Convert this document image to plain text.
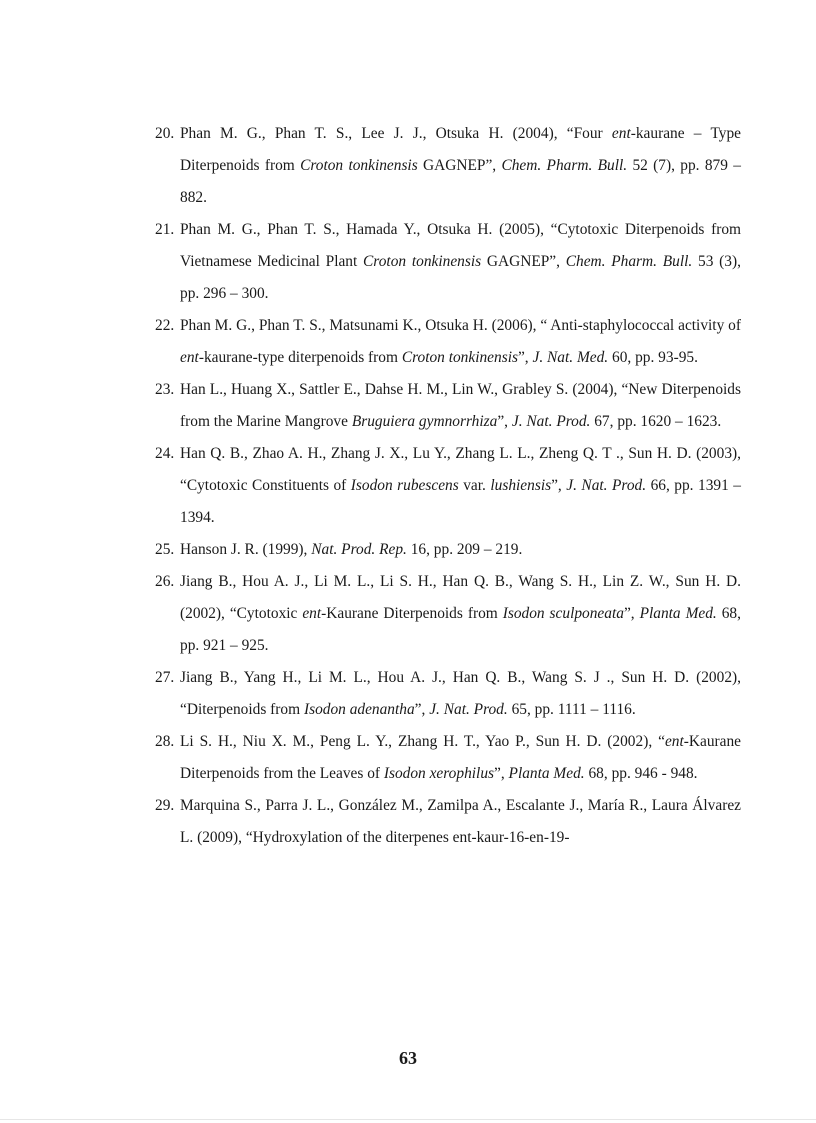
20. Phan M. G., Phan T. S., Lee J. J., Otsuka H. (2004), “Four ent-kaurane – Type Diterpenoids from Croton tonkinensis GAGNEP”, Chem. Pharm. Bull. 52 (7), pp. 879 – 882.
21. Phan M. G., Phan T. S., Hamada Y., Otsuka H. (2005), “Cytotoxic Diterpenoids from Vietnamese Medicinal Plant Croton tonkinensis GAGNEP”, Chem. Pharm. Bull. 53 (3), pp. 296 – 300.
22. Phan M. G., Phan T. S., Matsunami K., Otsuka H. (2006), “ Anti-staphylococcal activity of ent-kaurane-type diterpenoids from Croton tonkinensis”, J. Nat. Med. 60, pp. 93-95.
23. Han L., Huang X., Sattler E., Dahse H. M., Lin W., Grabley S. (2004), “New Diterpenoids from the Marine Mangrove Bruguiera gymnorrhiza”, J. Nat. Prod. 67, pp. 1620 – 1623.
24. Han Q. B., Zhao A. H., Zhang J. X., Lu Y., Zhang L. L., Zheng Q. T ., Sun H. D. (2003), “Cytotoxic Constituents of Isodon rubescens var. lushiensis”, J. Nat. Prod. 66, pp. 1391 – 1394.
25. Hanson J. R. (1999), Nat. Prod. Rep. 16, pp. 209 – 219.
26. Jiang B., Hou A. J., Li M. L., Li S. H., Han Q. B., Wang S. H., Lin Z. W., Sun H. D. (2002), “Cytotoxic ent-Kaurane Diterpenoids from Isodon sculponeata”, Planta Med. 68, pp. 921 – 925.
27. Jiang B., Yang H., Li M. L., Hou A. J., Han Q. B., Wang S. J ., Sun H. D. (2002), “Diterpenoids from Isodon adenantha”, J. Nat. Prod. 65, pp. 1111 – 1116.
28. Li S. H., Niu X. M., Peng L. Y., Zhang H. T., Yao P., Sun H. D. (2002), “ent-Kaurane Diterpenoids from the Leaves of Isodon xerophilus”, Planta Med. 68, pp. 946 - 948.
29. Marquina S., Parra J. L., González M., Zamilpa A., Escalante J., María R., Laura Álvarez L. (2009), “Hydroxylation of the diterpenes ent-kaur-16-en-19-
63
